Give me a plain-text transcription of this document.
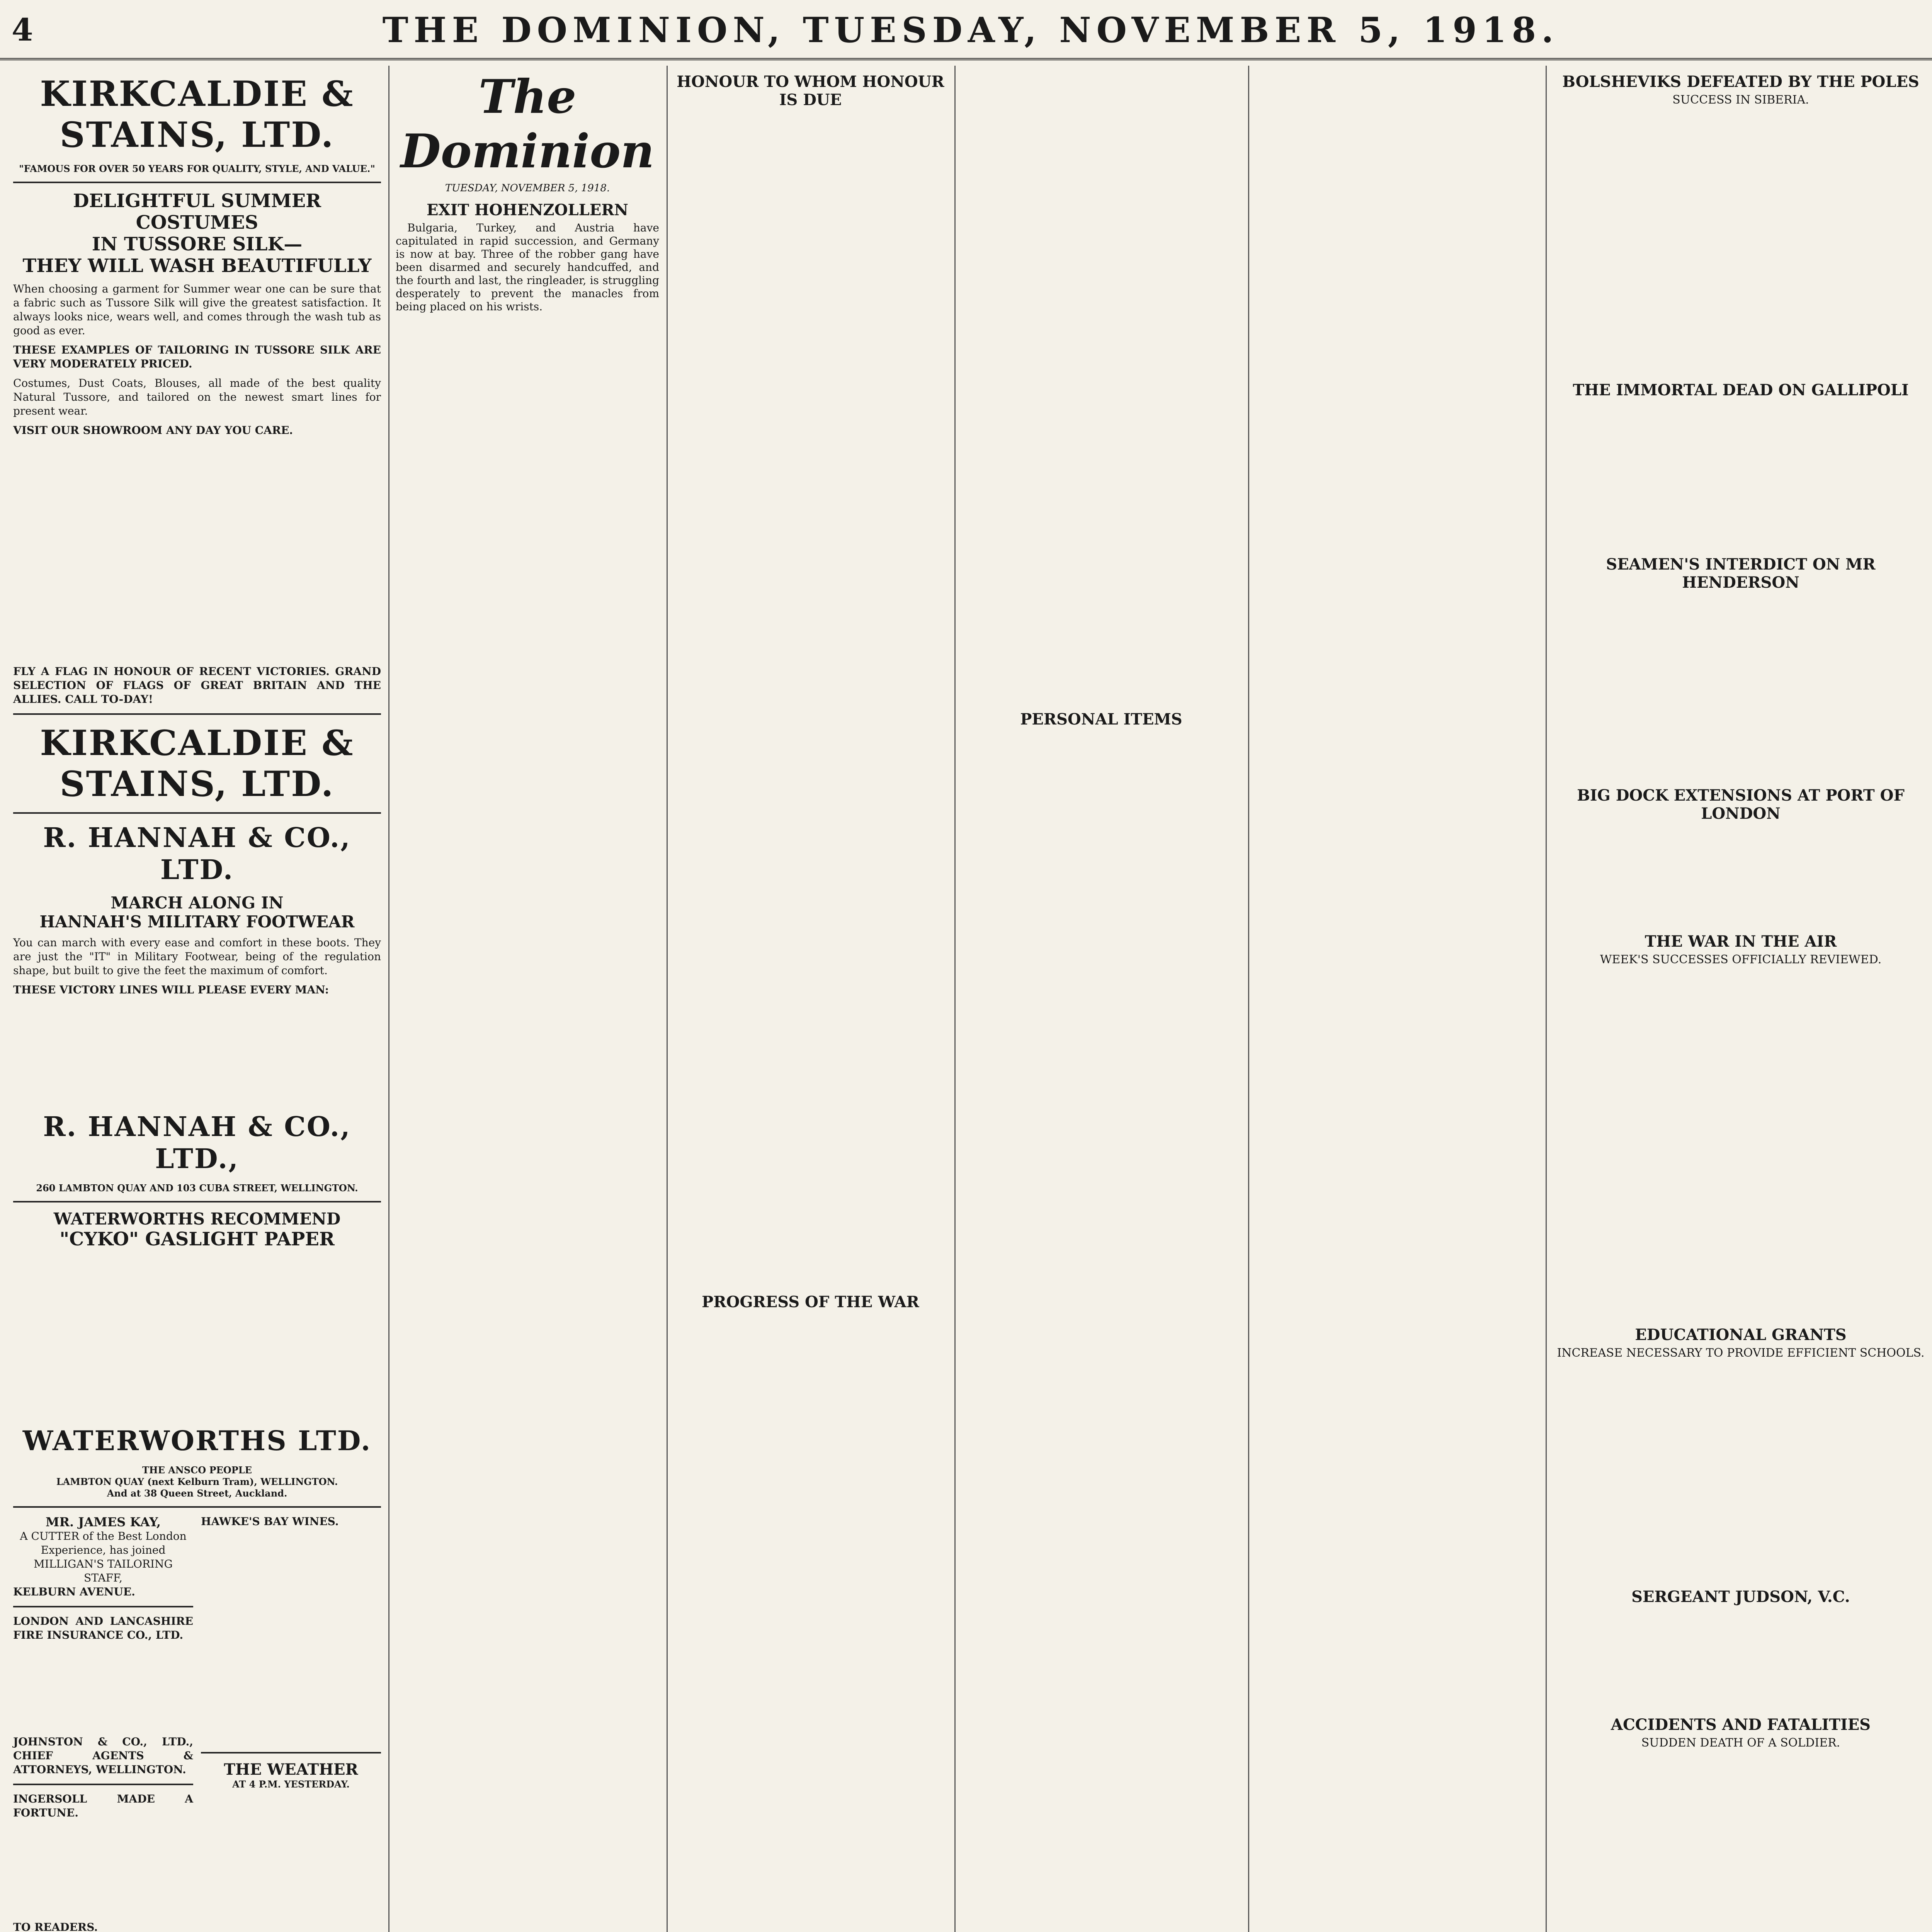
4	THE DOMINION, TUESDAY, NOVEMBER 5, 1918.
KIRKCALDIE & STAINS, LTD.
"FAMOUS FOR OVER 50 YEARS FOR QUALITY, STYLE, AND VALUE."
DELIGHTFUL SUMMER COSTUMES
IN TUSSORE SILK—
THEY WILL WASH BEAUTIFULLY
When choosing a garment for Summer wear one can be sure that a fabric such as Tussore Silk will give the greatest satisfaction. It always looks nice, wears well, and comes through the wash tub as good as ever.
THESE EXAMPLES OF TAILORING IN TUSSORE SILK ARE VERY MODERATELY PRICED.
Costumes, Dust Coats, Blouses, all made of the best quality Natural Tussore, and tailored on the newest smart lines for present wear.
VISIT OUR SHOWROOM ANY DAY YOU CARE.
FLY A FLAG IN HONOUR OF RECENT VICTORIES. GRAND SELECTION OF FLAGS OF GREAT BRITAIN AND THE ALLIES. CALL TO-DAY!
KIRKCALDIE & STAINS, LTD.
R. HANNAH & CO., LTD.
MARCH ALONG IN
HANNAH'S MILITARY FOOTWEAR
You can march with every ease and comfort in these boots. They are just the "IT" in Military Footwear, being of the regulation shape, but built to give the feet the maximum of comfort.
THESE VICTORY LINES WILL PLEASE EVERY MAN:
R. HANNAH & CO., LTD.,
260 LAMBTON QUAY AND 103 CUBA STREET, WELLINGTON.
WATERWORTHS RECOMMEND
"CYKO" GASLIGHT PAPER
WATERWORTHS LTD.
THE ANSCO PEOPLE
LAMBTON QUAY (next Kelburn Tram), WELLINGTON.
And at 38 Queen Street, Auckland.
MR. JAMES KAY,
A CUTTER of the Best London Experience, has joined MILLIGAN'S TAILORING STAFF,
KELBURN AVENUE.
LONDON AND LANCASHIRE FIRE INSURANCE CO., LTD.
JOHNSTON & CO., LTD., CHIEF AGENTS & ATTORNEYS, WELLINGTON.
INGERSOLL MADE A FORTUNE.
TO READERS.
HAWKE'S BAY WINES.
THE WEATHER
AT 4 P.M. YESTERDAY.
The Dominion
TUESDAY, NOVEMBER 5, 1918.
EXIT HOHENZOLLERN
Bulgaria, Turkey, and Austria have capitulated in rapid succession, and Germany is now at bay. Three of the robber gang have been disarmed and securely handcuffed, and the fourth and last, the ringleader, is struggling desperately to prevent the manacles from being placed on his wrists.
HONOUR TO WHOM HONOUR IS DUE
PROGRESS OF THE WAR
PERSONAL ITEMS
BOLSHEVIKS DEFEATED BY THE POLES
SUCCESS IN SIBERIA.
THE IMMORTAL DEAD ON GALLIPOLI
SEAMEN'S INTERDICT ON MR HENDERSON
BIG DOCK EXTENSIONS AT PORT OF LONDON
THE WAR IN THE AIR
WEEK'S SUCCESSES OFFICIALLY REVIEWED.
EDUCATIONAL GRANTS
INCREASE NECESSARY TO PROVIDE EFFICIENT SCHOOLS.
SERGEANT JUDSON, V.C.
ACCIDENTS AND FATALITIES
SUDDEN DEATH OF A SOLDIER.
